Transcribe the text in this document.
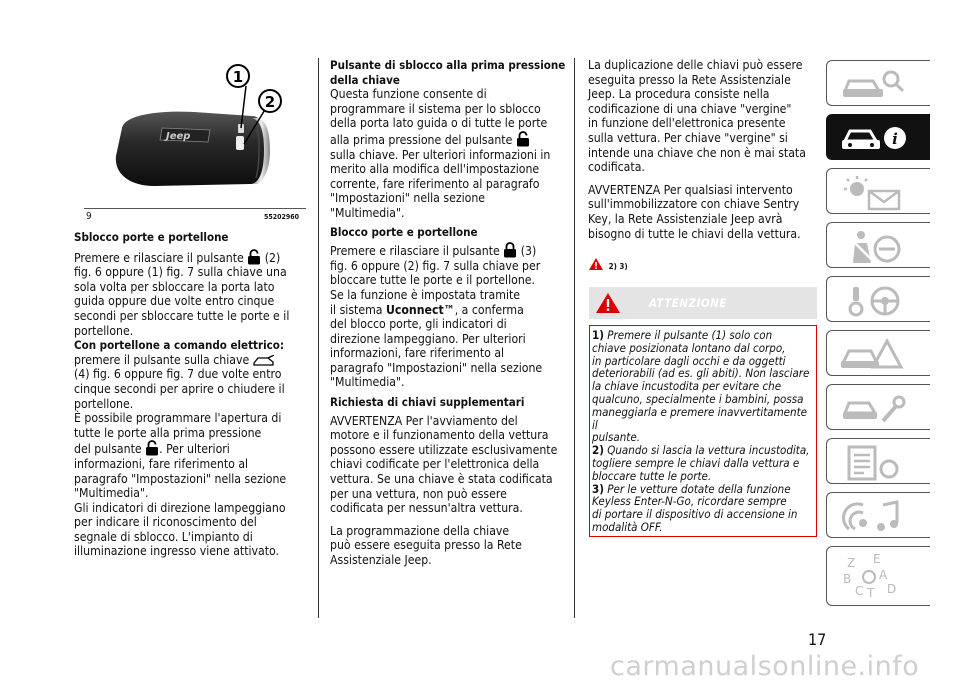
Jeep
1
2
9	55202960

Sblocco porte e portellone

Premere e rilasciare il pulsante (2)

fig. 6 oppure (1) fig. 7 sulla chiave una

sola volta per sbloccare la porta lato

guida oppure due volte entro cinque

secondi per sbloccare tutte le porte e il

portellone.

Con portellone a comando elettrico:

premere il pulsante sulla chiave

(4) fig. 6 oppure fig. 7 due volte entro

cinque secondi per aprire o chiudere il

portellone.

È possibile programmare l'apertura di

tutte le porte alla prima pressione

del pulsante . Per ulteriori

informazioni, fare riferimento al

paragrafo "Impostazioni" nella sezione

"Multimedia".

Gli indicatori di direzione lampeggiano

per indicare il riconoscimento del

segnale di sblocco. L'impianto di

illuminazione ingresso viene attivato.

Pulsante di sblocco alla prima pressione

della chiave

Questa funzione consente di

programmare il sistema per lo sblocco

della porta lato guida o di tutte le porte

alla prima pressione del pulsante

sulla chiave. Per ulteriori informazioni in

merito alla modifica dell'impostazione

corrente, fare riferimento al paragrafo

"Impostazioni" nella sezione

"Multimedia".

Blocco porte e portellone

Premere e rilasciare il pulsante (3)

fig. 6 oppure (2) fig. 7 sulla chiave per

bloccare tutte le porte e il portellone.

Se la funzione è impostata tramite

il sistema Uconnect™, a conferma

del blocco porte, gli indicatori di

direzione lampeggiano. Per ulteriori

informazioni, fare riferimento al

paragrafo "Impostazioni" nella sezione

"Multimedia".

Richiesta di chiavi supplementari

AVVERTENZA Per l'avviamento del

motore e il funzionamento della vettura

possono essere utilizzate esclusivamente

chiavi codificate per l'elettronica della

vettura. Se una chiave è stata codificata

per una vettura, non può essere

codificata per nessun'altra vettura.

La programmazione della chiave

può essere eseguita presso la Rete

Assistenziale Jeep.

La duplicazione delle chiavi può essere

eseguita presso la Rete Assistenziale

Jeep. La procedura consiste nella

codificazione di una chiave "vergine"

in funzione dell'elettronica presente

sulla vettura. Per chiave "vergine" si

intende una chiave che non è mai stata

codificata.

AVVERTENZA Per qualsiasi intervento

sull'immobilizzatore con chiave Sentry

Key, la Rete Assistenziale Jeep avrà

bisogno di tutte le chiavi della vettura.

2) 3)
ATTENZIONE

1) Premere il pulsante (1) solo con

chiave posizionata lontano dal corpo,

in particolare dagli occhi e da oggetti

deteriorabili (ad es. gli abiti). Non lasciare

la chiave incustodita per evitare che

qualcuno, specialmente i bambini, possa

maneggiarla e premere inavvertitamente il

pulsante.

2) Quando si lascia la vettura incustodita,

togliere sempre le chiavi dalla vettura e

bloccare tutte le porte.

3) Per le vetture dotate della funzione

Keyless Enter-N-Go, ricordare sempre

di portare il dispositivo di accensione in

modalità OFF.

i
Z E
B A
C T D
17
carmanualsonline.info
